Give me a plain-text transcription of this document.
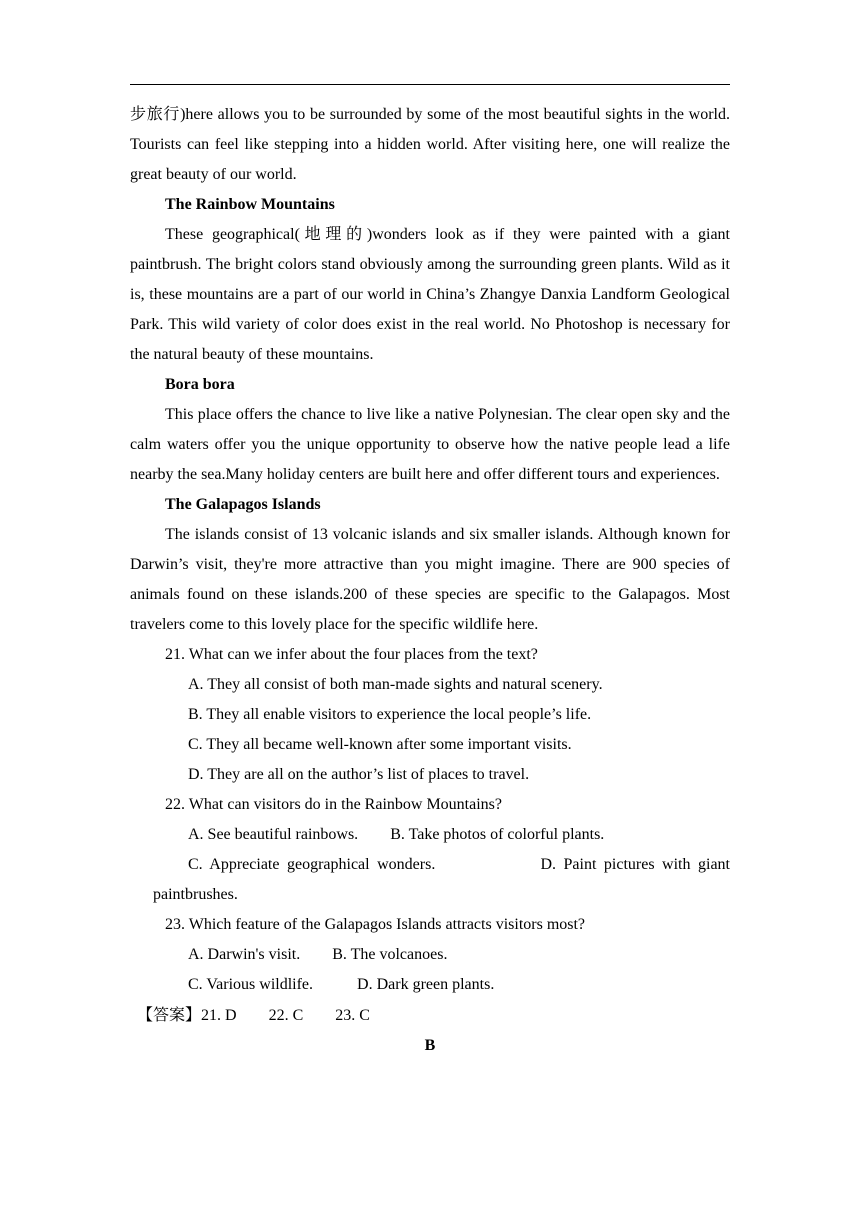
步旅行)here allows you to be surrounded by some of the most beautiful sights in the world. Tourists can feel like stepping into a hidden world. After visiting here, one will realize the great beauty of our world.

The Rainbow Mountains

These geographical(地理的)wonders look as if they were painted with a giant paintbrush. The bright colors stand obviously among the surrounding green plants. Wild as it is, these mountains are a part of our world in China’s Zhangye Danxia Landform Geological Park. This wild variety of color does exist in the real world. No Photoshop is necessary for the natural beauty of these mountains.

Bora bora

This place offers the chance to live like a native Polynesian. The clear open sky and the calm waters offer you the unique opportunity to observe how the native people lead a life nearby the sea.Many holiday centers are built here and offer different tours and experiences.

The Galapagos Islands

The islands consist of 13 volcanic islands and six smaller islands. Although known for Darwin’s visit, they're more attractive than you might imagine. There are 900 species of animals found on these islands.200 of these species are specific to the Galapagos. Most travelers come to this lovely place for the specific wildlife here.

21. What can we infer about the four places from the text?

A. They all consist of both man-made sights and natural scenery.

B. They all enable visitors to experience the local people’s life.

C. They all became well-known after some important visits.

D. They are all on the author’s list of places to travel.

22. What can visitors do in the Rainbow Mountains?

A. See beautiful rainbows. B. Take photos of colorful plants.

C. Appreciate geographical wonders.	D. Paint pictures with giant

paintbrushes.

23. Which feature of the Galapagos Islands attracts visitors most?

A. Darwin's visit. B. The volcanoes.

C. Various wildlife.	D. Dark green plants.

【答案】21. D 22. C 23. C

B
